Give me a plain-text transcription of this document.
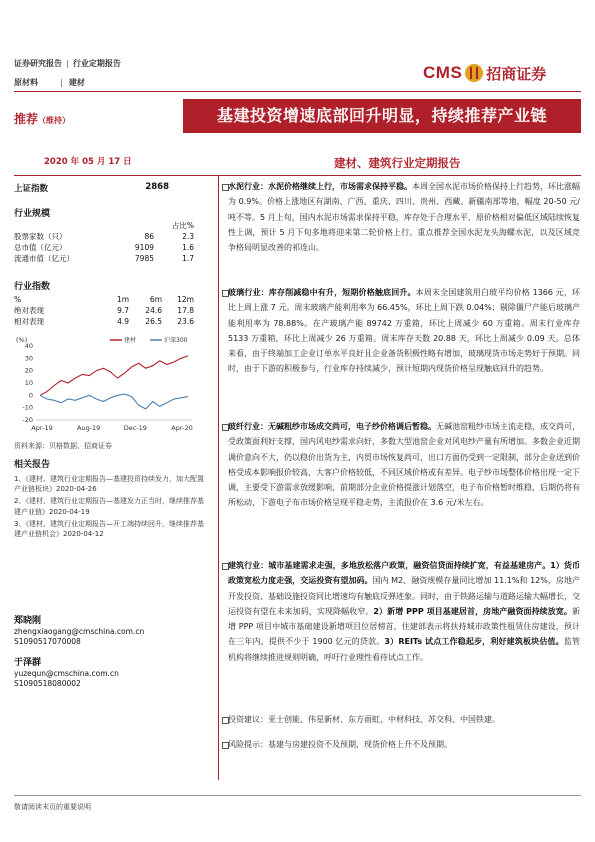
证券研究报告 | 行业定期报告
原材料	| 建材
CMS 招商证券
推荐（维持）	基建投资增速底部回升明显，持续推荐产业链
2020 年 05 月 17 日	建材、建筑行业定期报告
上证指数	2868
行业规模
		占比%
股票家数（只）	86	2.3
总市值（亿元）	9109	1.6
流通市值（亿元）	7985	1.7
行业指数
%	1m	6m	12m
绝对表现	9.7	24.6	17.8
相对表现	4.9	26.5	23.6
(%)
-20
-10
0
10
20
30
40
Apr-19	Aug-19	Dec-19	Apr-20
建材	沪深300
资料来源：贝格数据、招商证券
相关报告
1、《建材、建筑行业定期报告—基建投资持续发力，加大配置产业链板块》2020-04-26
2、《建材、建筑行业定期报告—基建发力正当时，继续推荐基建产业链》2020-04-19
3、《建材、建筑行业定期报告—开工端持续回升，继续推荐基建产业链机会》2020-04-12
郑晓刚
zhengxiaogang@cmschina.com.cn
S1090517070008
于泽群
yuzequn@cmschina.com.cn
S1090518080002
水泥行业：水泥价格继续上行，市场需求保持平稳。本周全国水泥市场价格保持上行趋势，环比涨幅为 0.9%。价格上涨地区有湖南、广西、重庆、四川、贵州、西藏、新疆南部等地，幅度 20-50 元/吨不等。5 月上旬，国内水泥市场需求保持平稳，库存处于合理水平，原价格相对偏低区域陆续恢复性上调，预计 5 月下旬多地将迎来第二轮价格上行。重点推荐全国水泥龙头海螺水泥，以及区域竞争格局明显改善的祁连山。
玻璃行业：库存削减稳中有升，短期价格触底回升。本周末全国建筑用白玻平均价格 1366 元，环比上周上涨 7 元。周末玻璃产能利用率为 66.45%，环比上周下跌 0.04%；剔除僵尸产能后玻璃产能利用率为 78.88%。在产玻璃产能 89742 万重箱，环比上周减少 60 万重箱。周末行业库存 5133 万重箱，环比上周减少 26 万重箱。周末库存天数 20.88 天，环比上周减少 0.09 天。总体来看，由于终端加工企业订单水平良好且企业备货积极性略有增加，玻璃现货市场走势好于预期。同时，由于下游的积极参与，行业库存持续减少，预计短期内现货价格呈现触底回升的趋势。
玻纤行业：无碱粗纱市场成交尚可，电子纱价格调后暂稳。无碱池窑粗纱市场主流走稳，成交尚可，受政策面利好支撑，国内风电纱需求向好，多数大型池窑企业对风电纱产量有所增加。多数企业近期调价意向不大，仍以稳价出货为主，内贸市场恢复尚可，出口方面仍受到一定限制，部分企业送到价格受成本影响报价较高，大客户价格较低，不同区域价格或有差异。电子纱市场整体价格出现一定下调，主要受下游需求放缓影响，前期部分企业价格提涨计划落空，电子布价格暂时维稳，后期仍将有所松动，下游电子布市场价格呈现平稳走势，主流报价在 3.6 元/米左右。
建筑行业：城市基建需求走强，多地放松落户政策，融资信贷面持续扩宽，有益基建房产。1）货币政策宽松力度走强，交运投资有望加码。国内 M2、融资规模存量同比增加 11.1%和 12%，房地产开发投资、基础设施投资同比增速均有触底反弹迹象。同时，由于铁路运输与道路运输大幅增长，交运投资有望在未来加码，实现降幅收窄。2）新增 PPP 项目基建居首，房地产融资面持续放宽。新增 PPP 项目中城市基础建设新增项目位居榜首，住建部表示将扶持城市政策性租赁住房建设，预计在三年内，提供不少于 1900 亿元的贷款。3）REITs 试点工作稳起步，利好建筑板块估值。监管机构将继续推进规则明确，呼吁行业理性看待试点工作。
投资建议：亚士创能、伟星新材、东方雨虹、中材科技、苏交科、中国铁建。
风险提示：基建与房建投资不及预期，现货价格上升不及预期。
敬请阅读末页的重要说明
